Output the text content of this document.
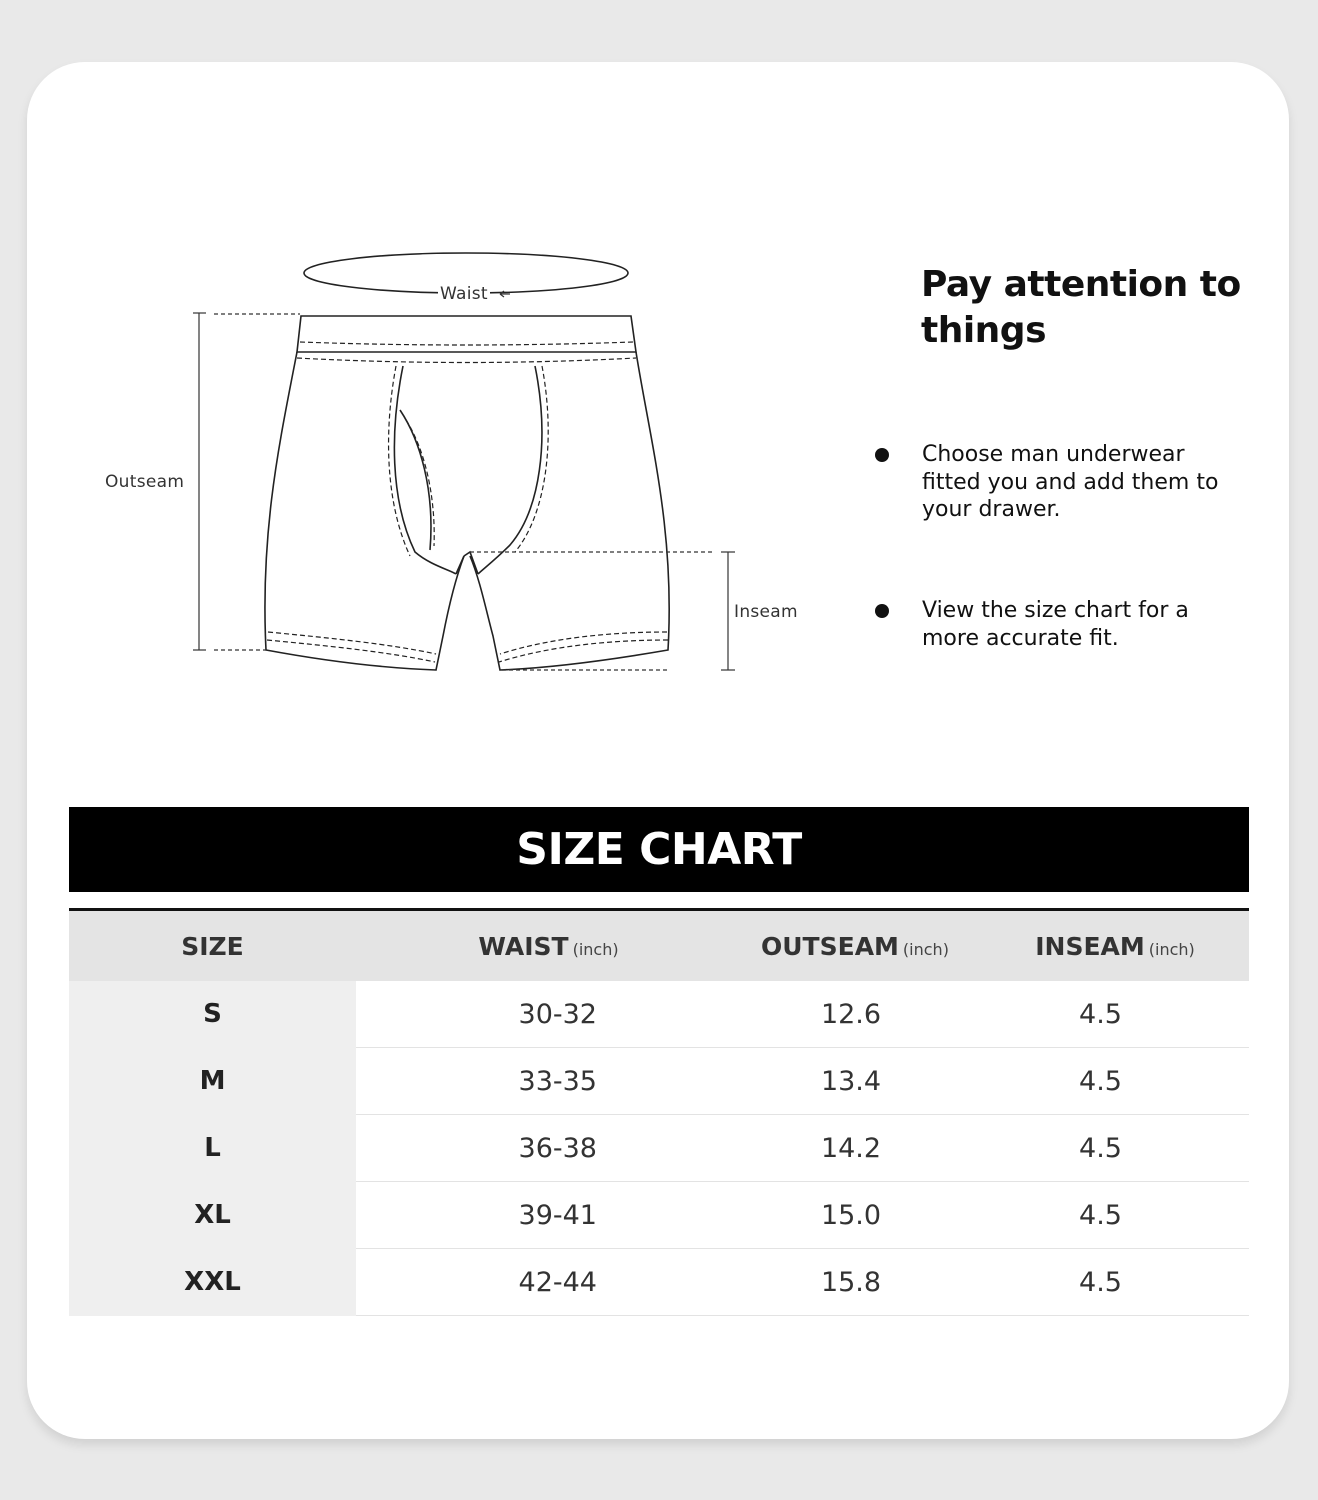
Waist
Outseam
Inseam
Pay attention to things
Choose man underwear fitted you and add them to your drawer.
View the size chart for a more accurate fit.
SIZE CHART
SIZE	WAIST (inch)	OUTSEAM (inch)	INSEAM (inch)
S	30-32	12.6	4.5
M	33-35	13.4	4.5
L	36-38	14.2	4.5
XL	39-41	15.0	4.5
XXL	42-44	15.8	4.5
